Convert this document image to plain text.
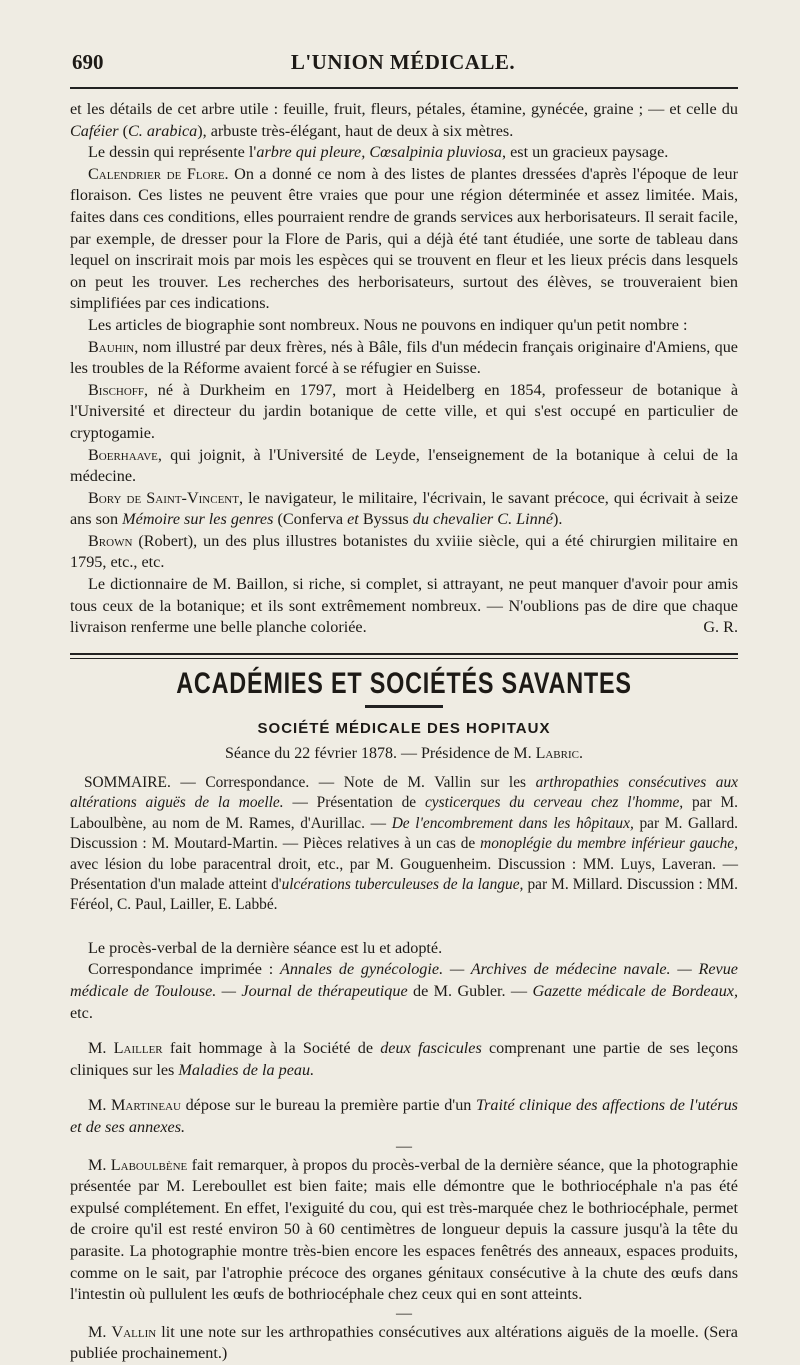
690	L'UNION MÉDICALE.

et les détails de cet arbre utile : feuille, fruit, fleurs, pétales, étamine, gynécée, graine ; — et celle du Caféier (C. arabica), arbuste très-élégant, haut de deux à six mètres.

Le dessin qui représente l'arbre qui pleure, Cœsalpinia pluviosa, est un gracieux paysage.

Calendrier de Flore. On a donné ce nom à des listes de plantes dressées d'après l'époque de leur floraison. Ces listes ne peuvent être vraies que pour une région déterminée et assez limitée. Mais, faites dans ces conditions, elles pourraient rendre de grands services aux herborisateurs. Il serait facile, par exemple, de dresser pour la Flore de Paris, qui a déjà été tant étudiée, une sorte de tableau dans lequel on inscrirait mois par mois les espèces qui se trouvent en fleur et les lieux précis dans lesquels on peut les trouver. Les recherches des herborisateurs, surtout des élèves, se trouveraient bien simplifiées par ces indications.

Les articles de biographie sont nombreux. Nous ne pouvons en indiquer qu'un petit nombre :

Bauhin, nom illustré par deux frères, nés à Bâle, fils d'un médecin français originaire d'Amiens, que les troubles de la Réforme avaient forcé à se réfugier en Suisse.

Bischoff, né à Durkheim en 1797, mort à Heidelberg en 1854, professeur de botanique à l'Université et directeur du jardin botanique de cette ville, et qui s'est occupé en particulier de cryptogamie.

Boerhaave, qui joignit, à l'Université de Leyde, l'enseignement de la botanique à celui de la médecine.

Bory de Saint-Vincent, le navigateur, le militaire, l'écrivain, le savant précoce, qui écrivait à seize ans son Mémoire sur les genres (Conferva et Byssus du chevalier C. Linné).

Brown (Robert), un des plus illustres botanistes du xviiie siècle, qui a été chirurgien militaire en 1795, etc., etc.

Le dictionnaire de M. Baillon, si riche, si complet, si attrayant, ne peut manquer d'avoir pour amis tous ceux de la botanique; et ils sont extrêmement nombreux. — N'oublions pas de dire que chaque livraison renferme une belle planche coloriée.	G. R.

ACADÉMIES ET SOCIÉTÉS SAVANTES
SOCIÉTÉ MÉDICALE DES HOPITAUX
Séance du 22 février 1878. — Présidence de M. Labric.

SOMMAIRE. — Correspondance. — Note de M. Vallin sur les arthropathies consécutives aux altérations aiguës de la moelle. — Présentation de cysticerques du cerveau chez l'homme, par M. Laboulbène, au nom de M. Rames, d'Aurillac. — De l'encombrement dans les hôpitaux, par M. Gallard. Discussion : M. Moutard-Martin. — Pièces relatives à un cas de monoplégie du membre inférieur gauche, avec lésion du lobe paracentral droit, etc., par M. Gouguenheim. Discussion : MM. Luys, Laveran. — Présentation d'un malade atteint d'ulcérations tuberculeuses de la langue, par M. Millard. Discussion : MM. Féréol, C. Paul, Lailler, E. Labbé.

Le procès-verbal de la dernière séance est lu et adopté.

Correspondance imprimée : Annales de gynécologie. — Archives de médecine navale. — Revue médicale de Toulouse. — Journal de thérapeutique de M. Gubler. — Gazette médicale de Bordeaux, etc.

M. Lailler fait hommage à la Société de deux fascicules comprenant une partie de ses leçons cliniques sur les Maladies de la peau.

M. Martineau dépose sur le bureau la première partie d'un Traité clinique des affections de l'utérus et de ses annexes.

—

M. Laboulbène fait remarquer, à propos du procès-verbal de la dernière séance, que la photographie présentée par M. Lereboullet est bien faite; mais elle démontre que le bothriocéphale n'a pas été expulsé complétement. En effet, l'exiguité du cou, qui est très-marquée chez le bothriocéphale, permet de croire qu'il est resté environ 50 à 60 centimètres de longueur depuis la cassure jusqu'à la tête du parasite. La photographie montre très-bien encore les espaces fenêtrés des anneaux, espaces produits, comme on le sait, par l'atrophie précoce des organes génitaux consécutive à la chute des œufs dans l'intestin où pullulent les œufs de bothriocéphale chez ceux qui en sont atteints.

—

M. Vallin lit une note sur les arthropathies consécutives aux altérations aiguës de la moelle. (Sera publiée prochainement.)
